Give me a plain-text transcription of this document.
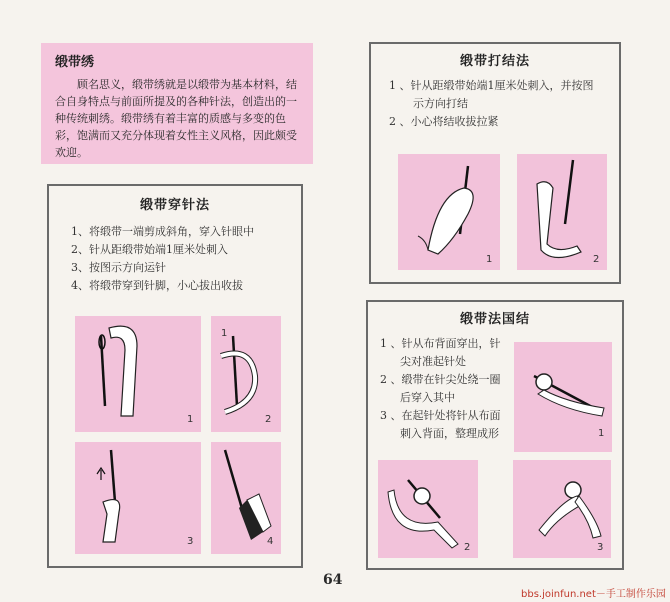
缎带绣

顾名思义，缎带绣就是以缎带为基本材料，结合自身特点与前面所提及的各种针法，创造出的一种传统刺绣。缎带绣有着丰富的质感与多变的色彩，饱满而又充分体现着女性主义风格，因此颇受欢迎。

缎带穿针法
1、将缎带一端剪成斜角，穿入针眼中
2、针从距缎带始端1厘米处刺入
3、按图示方向运针
4、将缎带穿到针脚，小心拔出收拔
1
1
2
3	4
缎带打结法
1 、针从距缎带始端1厘米处刺入，并按图
示方向打结
2 、小心将结收拔拉紧
1	2
缎带法国结
1 、针从布背面穿出，针
尖对准起针处
2 、缎带在针尖处绕一圈
后穿入其中
3 、在起针处将针从布面
刺入背面，整理成形	1
2	3
64
bbs.joinfun.net－手工制作乐园
